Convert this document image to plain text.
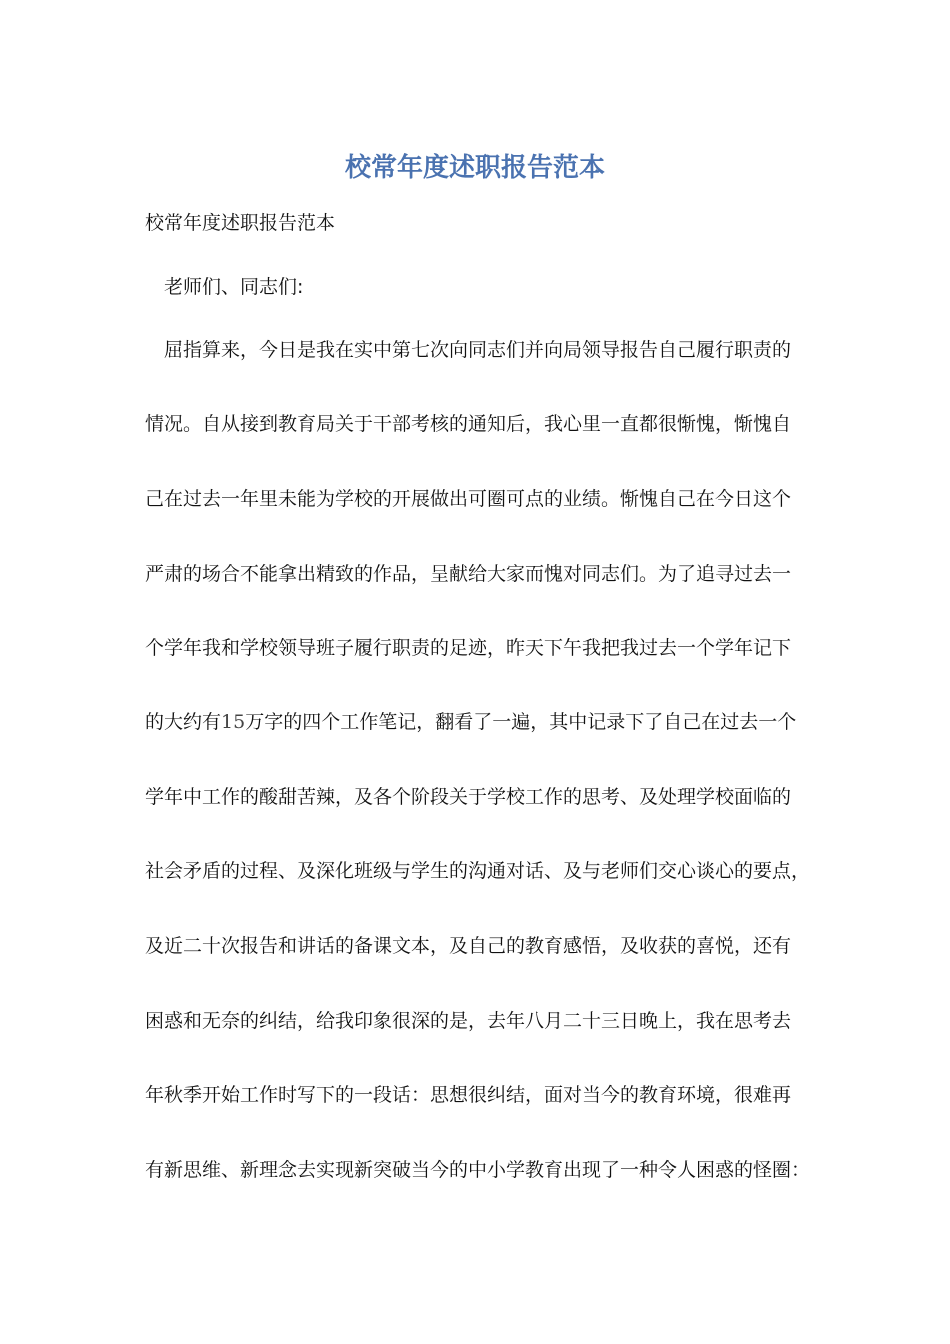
校常年度述职报告范本
校常年度述职报告范本
老师们、同志们:
屈指算来，今日是我在实中第七次向同志们并向局领导报告自己履行职责的
情况。自从接到教育局关于干部考核的通知后，我心里一直都很惭愧，惭愧自
己在过去一年里未能为学校的开展做出可圈可点的业绩。惭愧自己在今日这个
严肃的场合不能拿出精致的作品，呈献给大家而愧对同志们。为了追寻过去一
个学年我和学校领导班子履行职责的足迹，昨天下午我把我过去一个学年记下
的大约有15万字的四个工作笔记，翻看了一遍，其中记录下了自己在过去一个
学年中工作的酸甜苦辣，及各个阶段关于学校工作的思考、及处理学校面临的
社会矛盾的过程、及深化班级与学生的沟通对话、及与老师们交心谈心的要点，
及近二十次报告和讲话的备课文本，及自己的教育感悟，及收获的喜悦，还有
困惑和无奈的纠结，给我印象很深的是，去年八月二十三日晚上，我在思考去
年秋季开始工作时写下的一段话：思想很纠结，面对当今的教育环境，很难再
有新思维、新理念去实现新突破当今的中小学教育出现了一种令人困惑的怪圈：
